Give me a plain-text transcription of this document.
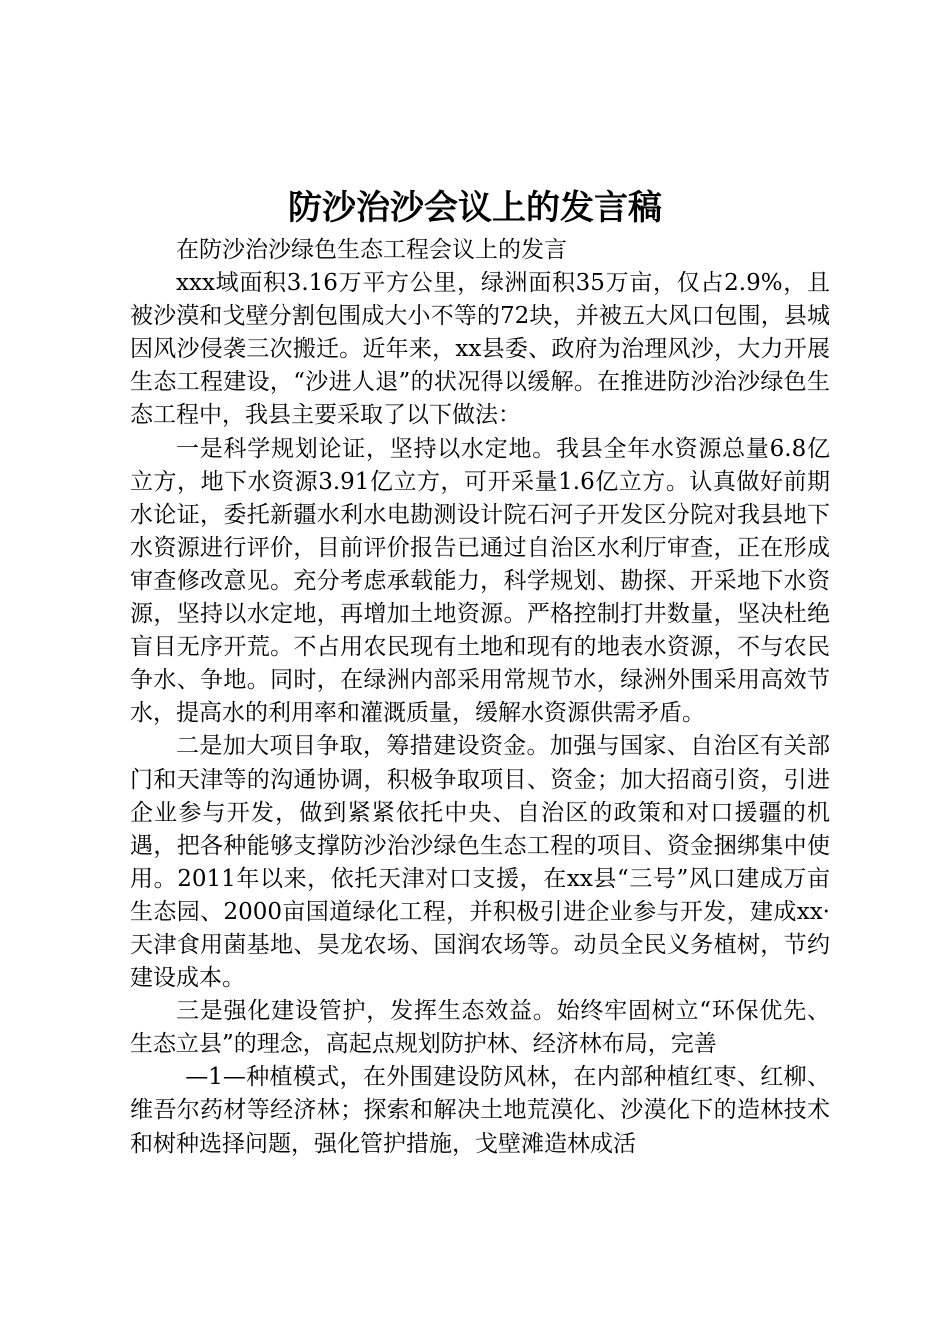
防沙治沙会议上的发言稿

在防沙治沙绿色生态工程会议上的发言

xxx域面积3.16万平方公里，绿洲面积35万亩，仅占2.9%，且被沙漠和戈壁分割包围成大小不等的72块，并被五大风口包围，县城因风沙侵袭三次搬迁。近年来，xx县委、政府为治理风沙，大力开展生态工程建设，“沙进人退”的状况得以缓解。在推进防沙治沙绿色生态工程中，我县主要采取了以下做法：

一是科学规划论证，坚持以水定地。我县全年水资源总量6.8亿立方，地下水资源3.91亿立方，可开采量1.6亿立方。认真做好前期水论证，委托新疆水利水电勘测设计院石河子开发区分院对我县地下水资源进行评价，目前评价报告已通过自治区水利厅审查，正在形成审查修改意见。充分考虑承载能力，科学规划、勘探、开采地下水资源，坚持以水定地，再增加土地资源。严格控制打井数量，坚决杜绝盲目无序开荒。不占用农民现有土地和现有的地表水资源，不与农民争水、争地。同时，在绿洲内部采用常规节水，绿洲外围采用高效节水，提高水的利用率和灌溉质量，缓解水资源供需矛盾。

二是加大项目争取，筹措建设资金。加强与国家、自治区有关部门和天津等的沟通协调，积极争取项目、资金；加大招商引资，引进企业参与开发，做到紧紧依托中央、自治区的政策和对口援疆的机遇，把各种能够支撑防沙治沙绿色生态工程的项目、资金捆绑集中使用。2011年以来，依托天津对口支援，在xx县“三号”风口建成万亩生态园、2000亩国道绿化工程，并积极引进企业参与开发，建成xx·天津食用菌基地、昊龙农场、国润农场等。动员全民义务植树，节约建设成本。

三是强化建设管护，发挥生态效益。始终牢固树立“环保优先、生态立县”的理念，高起点规划防护林、经济林布局，完善

—1—种植模式，在外围建设防风林，在内部种植红枣、红柳、维吾尔药材等经济林；探索和解决土地荒漠化、沙漠化下的造林技术和树种选择问题，强化管护措施，戈壁滩造林成活
